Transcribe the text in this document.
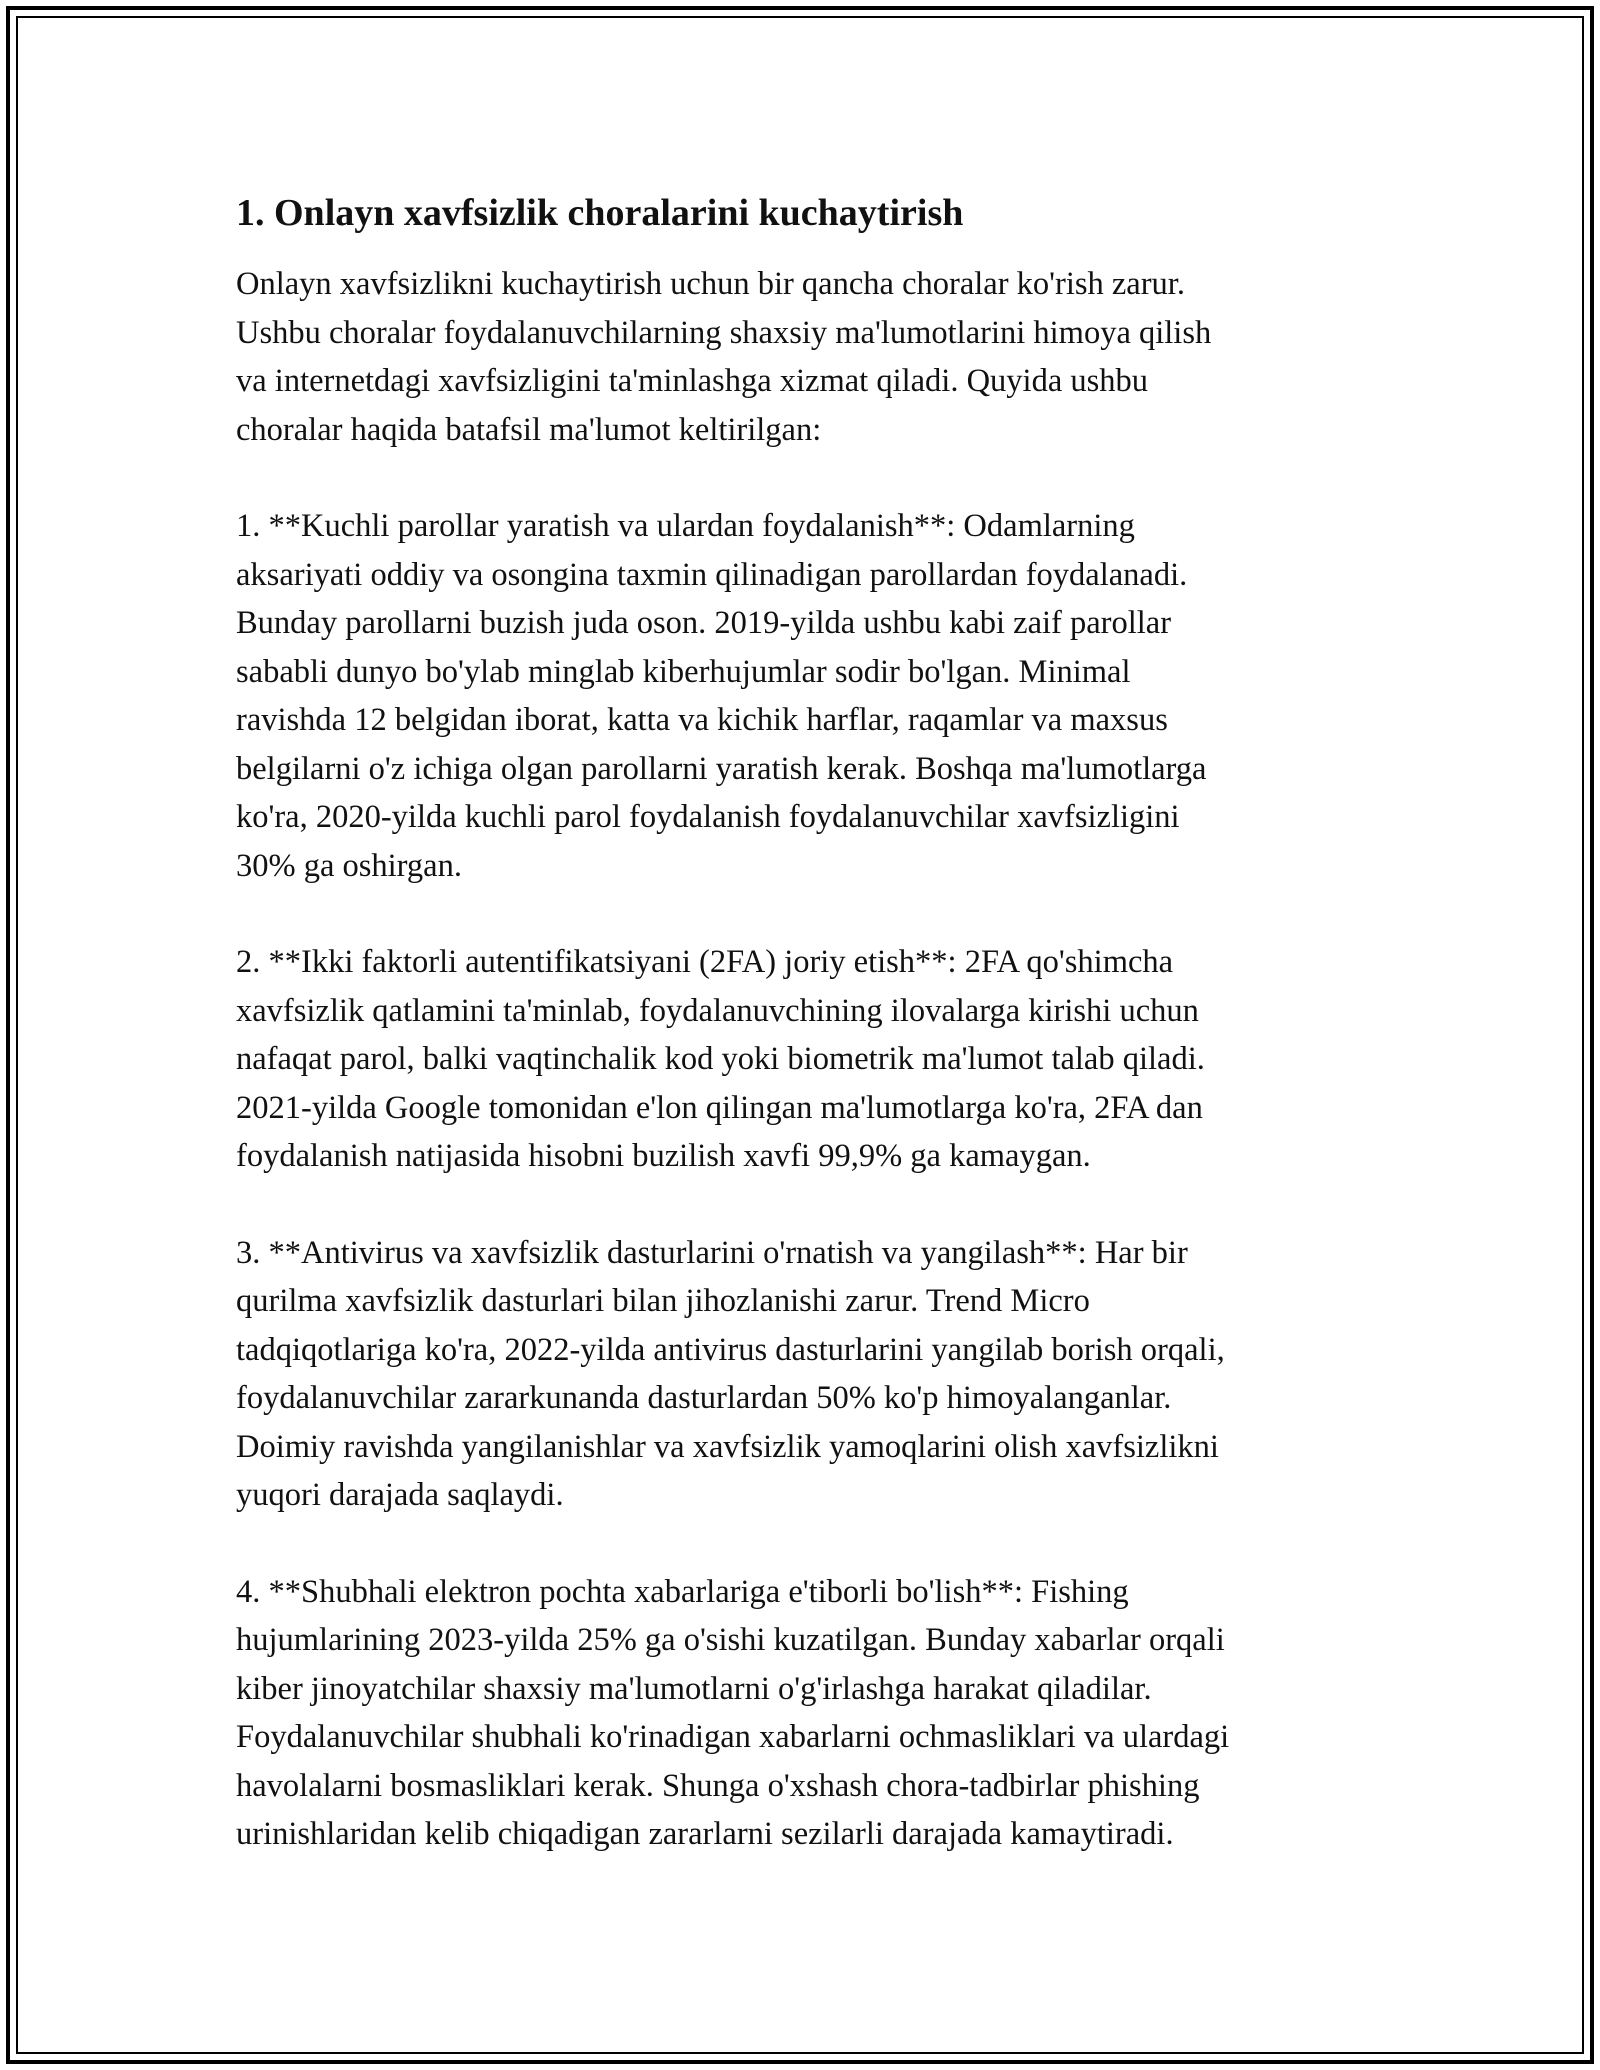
1. Onlayn xavfsizlik choralarini kuchaytirish

Onlayn xavfsizlikni kuchaytirish uchun bir qancha choralar ko'rish zarur.
Ushbu choralar foydalanuvchilarning shaxsiy ma'lumotlarini himoya qilish
va internetdagi xavfsizligini ta'minlashga xizmat qiladi. Quyida ushbu
choralar haqida batafsil ma'lumot keltirilgan:

1. **Kuchli parollar yaratish va ulardan foydalanish**: Odamlarning
aksariyati oddiy va osongina taxmin qilinadigan parollardan foydalanadi.
Bunday parollarni buzish juda oson. 2019-yilda ushbu kabi zaif parollar
sababli dunyo bo'ylab minglab kiberhujumlar sodir bo'lgan. Minimal
ravishda 12 belgidan iborat, katta va kichik harflar, raqamlar va maxsus
belgilarni o'z ichiga olgan parollarni yaratish kerak. Boshqa ma'lumotlarga
ko'ra, 2020-yilda kuchli parol foydalanish foydalanuvchilar xavfsizligini
30% ga oshirgan.

2. **Ikki faktorli autentifikatsiyani (2FA) joriy etish**: 2FA qo'shimcha
xavfsizlik qatlamini ta'minlab, foydalanuvchining ilovalarga kirishi uchun
nafaqat parol, balki vaqtinchalik kod yoki biometrik ma'lumot talab qiladi.
2021-yilda Google tomonidan e'lon qilingan ma'lumotlarga ko'ra, 2FA dan
foydalanish natijasida hisobni buzilish xavfi 99,9% ga kamaygan.

3. **Antivirus va xavfsizlik dasturlarini o'rnatish va yangilash**: Har bir
qurilma xavfsizlik dasturlari bilan jihozlanishi zarur. Trend Micro
tadqiqotlariga ko'ra, 2022-yilda antivirus dasturlarini yangilab borish orqali,
foydalanuvchilar zararkunanda dasturlardan 50% ko'p himoyalanganlar.
Doimiy ravishda yangilanishlar va xavfsizlik yamoqlarini olish xavfsizlikni
yuqori darajada saqlaydi.

4. **Shubhali elektron pochta xabarlariga e'tiborli bo'lish**: Fishing
hujumlarining 2023-yilda 25% ga o'sishi kuzatilgan. Bunday xabarlar orqali
kiber jinoyatchilar shaxsiy ma'lumotlarni o'g'irlashga harakat qiladilar.
Foydalanuvchilar shubhali ko'rinadigan xabarlarni ochmasliklari va ulardagi
havolalarni bosmasliklari kerak. Shunga o'xshash chora-tadbirlar phishing
urinishlaridan kelib chiqadigan zararlarni sezilarli darajada kamaytiradi.
